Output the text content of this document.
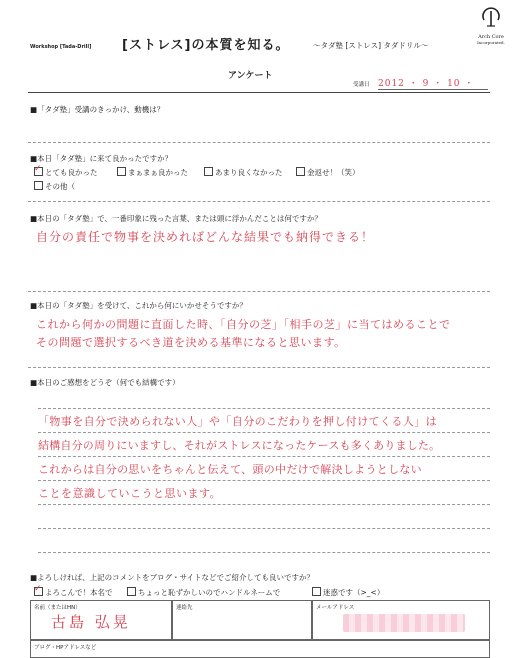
Workshop [Tada-Drill] [ストレス]の本質を知る。	〜タダ塾 [ストレス] タダドリル〜
Arch Core
Incorporated.
アンケート
受講日 2012 ・ 9 ・ 10 ・
■「タダ塾」受講のきっかけ、動機は？
■本日「タダ塾」に来て良かったですか？
✓とても良かった	まぁまぁ良かった	あまり良くなかった	金返せ！（笑）
その他（
■本日の「タダ塾」で、一番印象に残った言葉、または頭に浮かんだことは何ですか？
自分の責任で物事を決めればどんな結果でも納得できる！
■本日の「タダ塾」を受けて、これから何にいかせそうですか？
これから何かの問題に直面した時、「自分の芝」「相手の芝」に当てはめることで
その問題で選択するべき道を決める基準になると思います。
■本日のご感想をどうぞ（何でも結構です）
「物事を自分で決められない人」や「自分のこだわりを押し付けてくる人」は
結構自分の周りにいますし、それがストレスになったケースも多くありました。
これからは自分の思いをちゃんと伝えて、頭の中だけで解決しようとしない
ことを意識していこうと思います。
■よろしければ、上記のコメントをブログ・サイトなどでご紹介しても良いですか？
✓よろこんで！本名で	ちょっと恥ずかしいのでハンドルネームで	迷惑です（>_<）
名前（またはHN）
古島 弘晃
連絡先	メールアドレス
ブログ・HPアドレスなど
